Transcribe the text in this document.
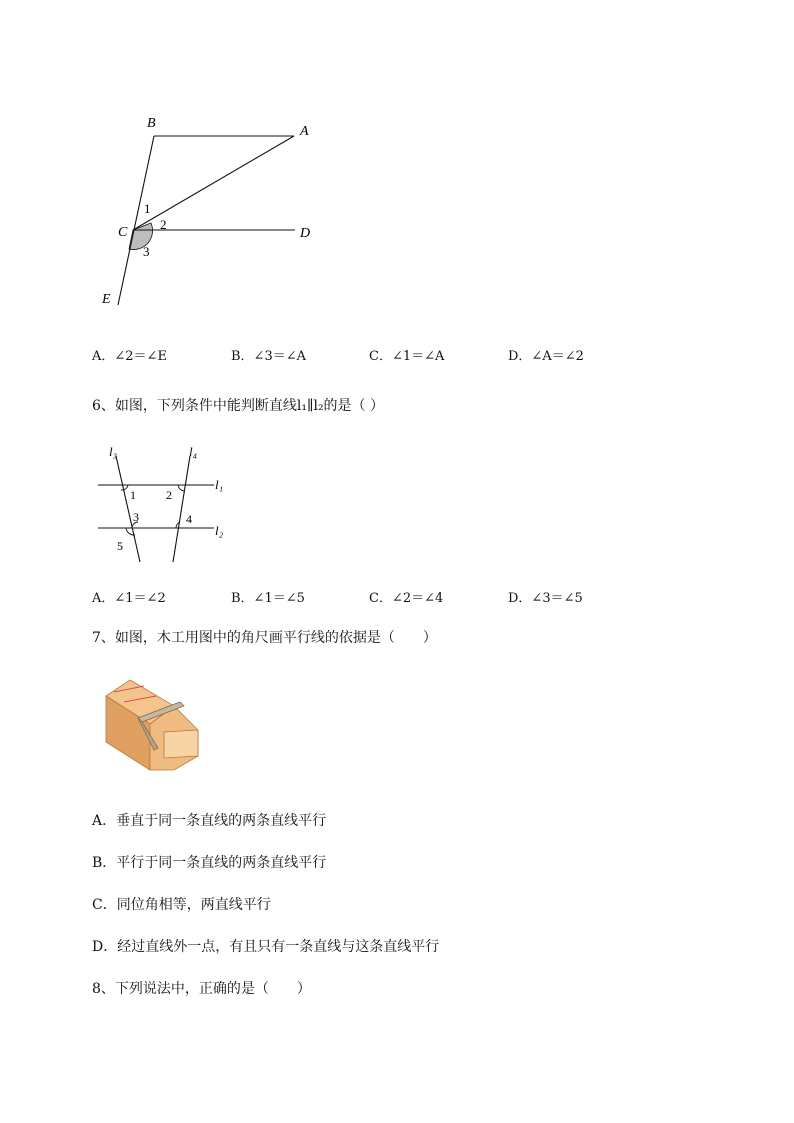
B
A
C	D
E
1
2
3
A．∠2＝∠E	B．∠3＝∠A	C．∠1＝∠A	D．∠A＝∠2
6、如图，下列条件中能判断直线l₁∥l₂的是（ ）
l₃	l₄
l₁
l₂
1	2
3	4
5
A．∠1＝∠2	B．∠1＝∠5	C．∠2＝∠4	D．∠3＝∠5
7、如图，木工用图中的角尺画平行线的依据是（　　）
A．垂直于同一条直线的两条直线平行
B．平行于同一条直线的两条直线平行
C．同位角相等，两直线平行
D．经过直线外一点，有且只有一条直线与这条直线平行
8、下列说法中，正确的是（　　）
